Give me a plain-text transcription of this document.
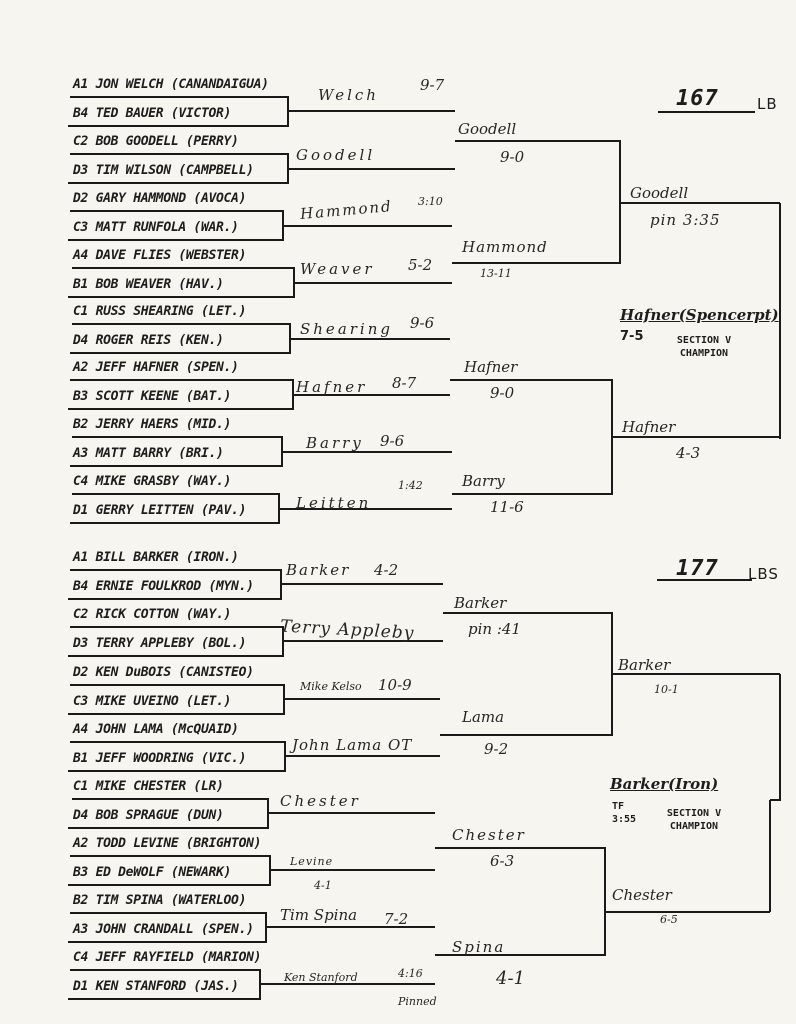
167	LB
A1 JON WELCH (CANANDAIGUA)
B4 TED BAUER (VICTOR)
C2 BOB GOODELL (PERRY)
D3 TIM WILSON (CAMPBELL)
D2 GARY HAMMOND (AVOCA)
C3 MATT RUNFOLA (WAR.)
A4 DAVE FLIES (WEBSTER)
B1 BOB WEAVER (HAV.)
C1 RUSS SHEARING (LET.)
D4 ROGER REIS (KEN.)
A2 JEFF HAFNER (SPEN.)
B3 SCOTT KEENE (BAT.)
B2 JERRY HAERS (MID.)
A3 MATT BARRY (BRI.)
C4 MIKE GRASBY (WAY.)
D1 GERRY LEITTEN (PAV.)
Welch
9-7
Goodell
Hammond 3:10
Weaver 5-2
Shearing 9-6
Hafner 8-7
Barry 9-6
Leitten
1:42
Goodell
9-0
Hammond
13-11
Hafner
9-0
Barry
11-6
Goodell
pin 3:35
Hafner
4-3
Hafner(Spencerpt)
7-5	SECTION V CHAMPION
177 LBS
A1 BILL BARKER (IRON.)
B4 ERNIE FOULKROD (MYN.)
C2 RICK COTTON (WAY.)
D3 TERRY APPLEBY (BOL.)
D2 KEN DuBOIS (CANISTEO)
C3 MIKE UVEINO (LET.)
A4 JOHN LAMA (McQUAID)
B1 JEFF WOODRING (VIC.)
C1 MIKE CHESTER (LR)
D4 BOB SPRAGUE (DUN)
A2 TODD LEVINE (BRIGHTON)
B3 ED DeWOLF (NEWARK)
B2 TIM SPINA (WATERLOO)
A3 JOHN CRANDALL (SPEN.)
C4 JEFF RAYFIELD (MARION)
D1 KEN STANFORD (JAS.)
Barker 4-2
Terry Appleby
Mike Kelso 10-9
John Lama OT
Chester
Levine
4-1
Tim Spina 7-2
Ken Stanford	4:16
Pinned
Barker
pin :41
Lama
9-2
Chester
6-3
Spina
4-1
Barker
10-1
Chester
6-5
Barker(Iron)
TF 3:55	SECTION V CHAMPION
